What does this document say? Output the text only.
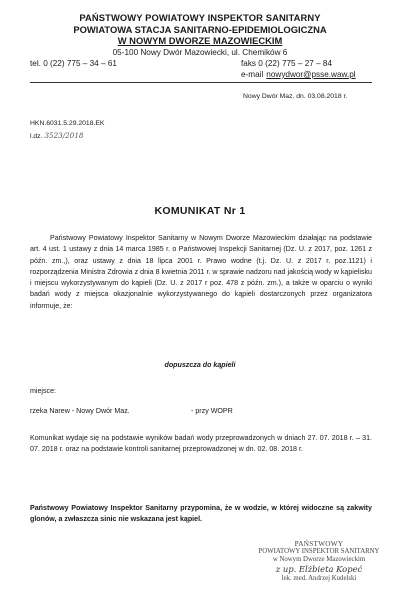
PAŃSTWOWY POWIATOWY INSPEKTOR SANITARNY
POWIATOWA STACJA SANITARNO-EPIDEMIOLOGICZNA
W NOWYM DWORZE MAZOWIECKIM
05-100 Nowy Dwór Mazowiecki, ul. Chemików 6
tel. 0 (22) 775 – 34 – 61	faks 0 (22) 775 – 27 – 84
e-mail nowydwor@psse.waw.pl
Nowy Dwór Maz. dn. 03.08.2018 r.
HKN.6031.5.29.2018.EK
l.dz. 3523/2018
KOMUNIKAT Nr 1
Państwowy Powiatowy Inspektor Sanitarny w Nowym Dworze Mazowieckim działając na podstawie art. 4 ust. 1 ustawy z dnia 14 marca 1985 r. o Państwowej Inspekcji Sanitarnej (Dz. U. z 2017, poz. 1261 z późn. zm.,), oraz ustawy z dnia 18 lipca 2001 r. Prawo wodne (t.j. Dz. U. z 2017 r. poz.1121) i rozporządzenia Ministra Zdrowia z dnia 8 kwietnia 2011 r. w sprawie nadzoru nad jakością wody w kąpielisku i miejscu wykorzystywanym do kąpieli (Dz. U. z 2017 r poz. 478 z późn. zm.), a także w oparciu o wyniki badań wody z miejsca okazjonalnie wykorzystywanego do kąpieli dostarczonych przez organizatora informuje, że:
dopuszcza do kąpieli
miejsce:
rzeka Narew - Nowy Dwór Maz.	- przy WOPR
Komunikat wydaje się na podstawie wyników badań wody przeprowadzonych w dniach 27. 07. 2018 r. – 31. 07. 2018 r. oraz na podstawie kontroli sanitarnej przeprowadzonej w dn. 02. 08. 2018 r.
Państwowy Powiatowy Inspektor Sanitarny przypomina, że w wodzie, w której widoczne są zakwity glonów, a zwłaszcza sinic nie wskazana jest kąpiel.
PAŃSTWOWY
POWIATOWY INSPEKTOR SANITARNY
w Nowym Dworze Mazowieckim
z up. Elżbieta Kopeć
lek. med. Andrzej Kudelski
